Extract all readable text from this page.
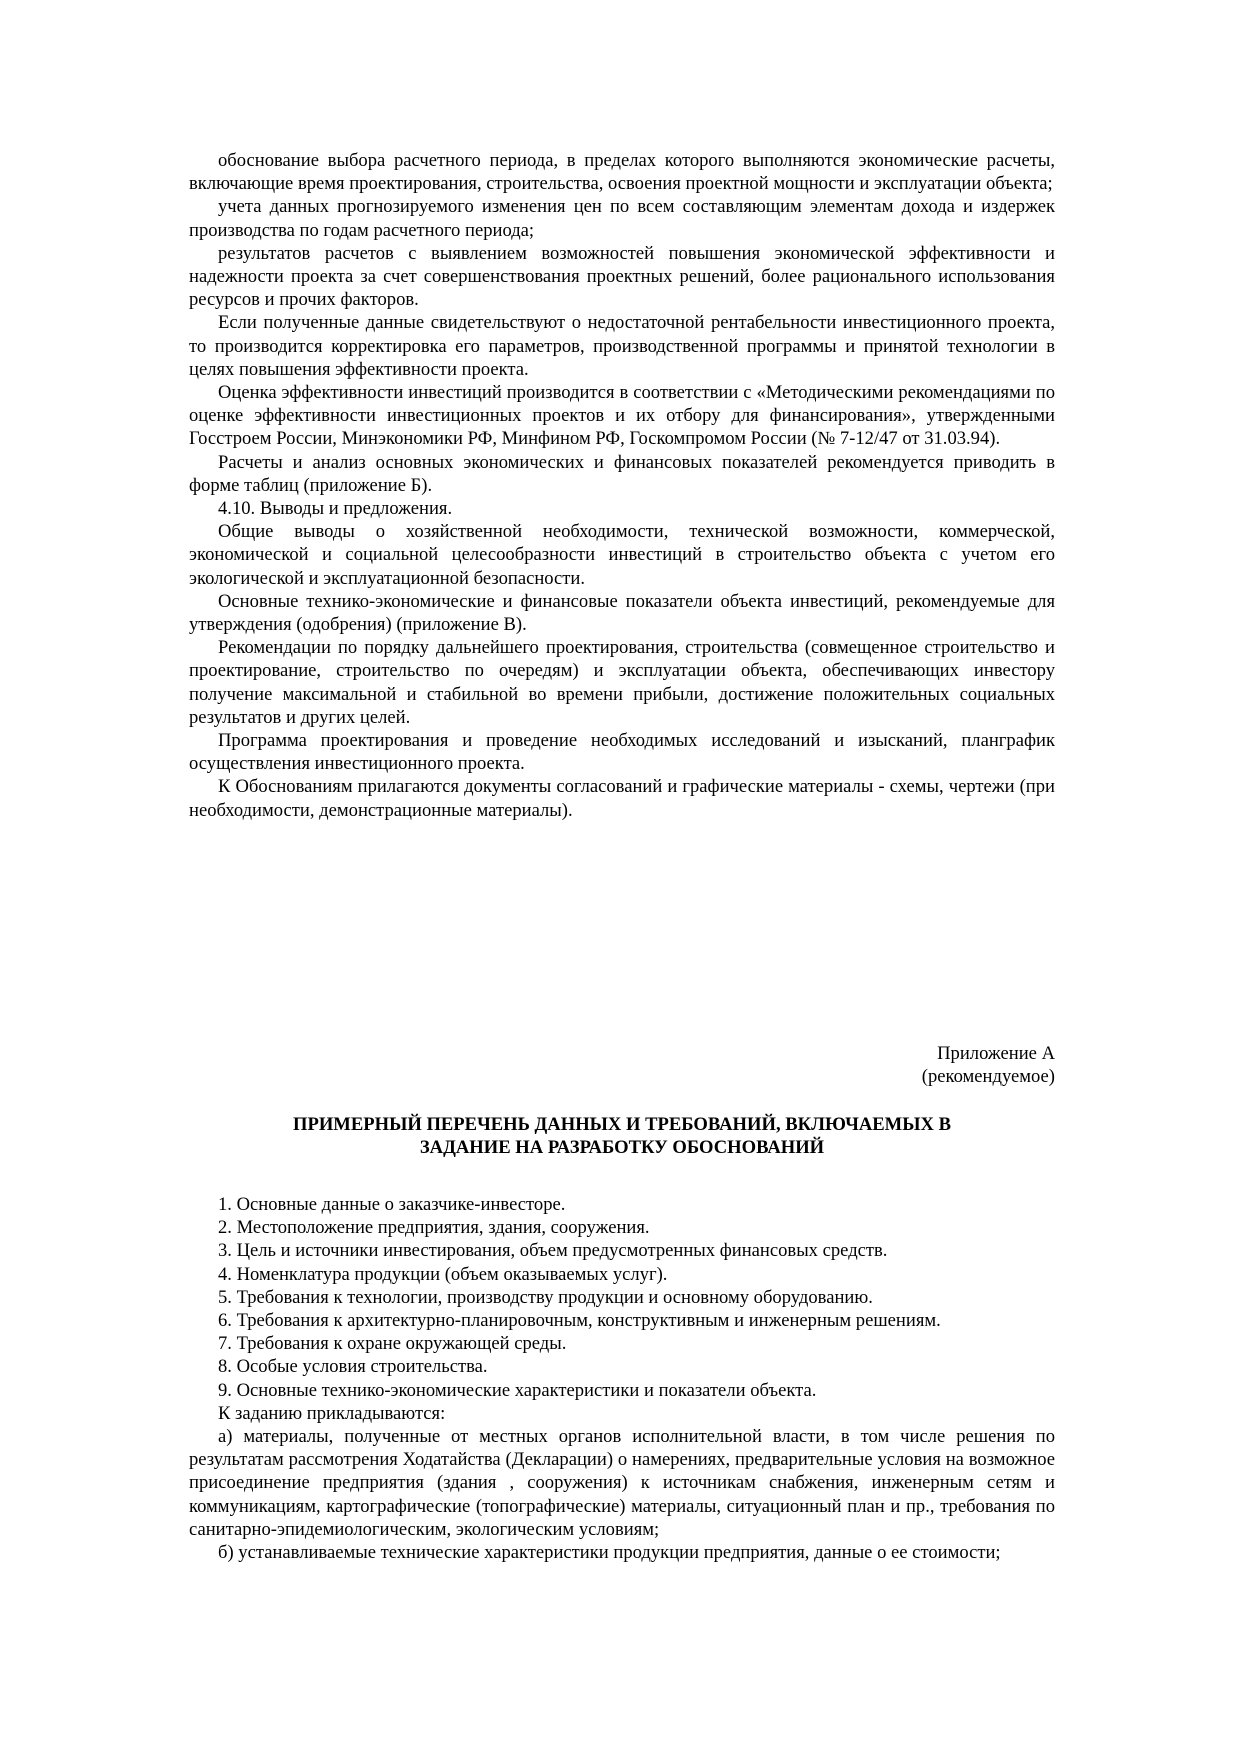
обоснование выбора расчетного периода, в пределах которого выполняются экономические расчеты, включающие время проектирования, строительства, освоения проектной мощности и эксплуатации объекта;

учета данных прогнозируемого изменения цен по всем составляющим элементам дохода и издержек производства по годам расчетного периода;

результатов расчетов с выявлением возможностей повышения экономической эффективности и надежности проекта за счет совершенствования проектных решений, более рационального использования ресурсов и прочих факторов.

Если полученные данные свидетельствуют о недостаточной рентабельности инвестиционного проекта, то производится корректировка его параметров, производственной программы и принятой технологии в целях повышения эффективности проекта.

Оценка эффективности инвестиций производится в соответствии с «Методическими рекомендациями по оценке эффективности инвестиционных проектов и их отбору для финансирования», утвержденными Госстроем России, Минэкономики РФ, Минфином РФ, Госкомпромом России (№ 7-12/47 от 31.03.94).

Расчеты и анализ основных экономических и финансовых показателей рекомендуется приводить в форме таблиц (приложение Б).

4.10. Выводы и предложения.

Общие выводы о хозяйственной необходимости, технической возможности, коммерческой, экономической и социальной целесообразности инвестиций в строительство объекта с учетом его экологической и эксплуатационной безопасности.

Основные технико-экономические и финансовые показатели объекта инвестиций, рекомендуемые для утверждения (одобрения) (приложение В).

Рекомендации по порядку дальнейшего проектирования, строительства (совмещенное строительство и проектирование, строительство по очередям) и эксплуатации объекта, обеспечивающих инвестору получение максимальной и стабильной во времени прибыли, достижение положительных социальных результатов и других целей.

Программа проектирования и проведение необходимых исследований и изысканий, планграфик осуществления инвестиционного проекта.

К Обоснованиям прилагаются документы согласований и графические материалы - схемы, чертежи (при необходимости, демонстрационные материалы).

Приложение А
(рекомендуемое)
ПРИМЕРНЫЙ ПЕРЕЧЕНЬ ДАННЫХ И ТРЕБОВАНИЙ, ВКЛЮЧАЕМЫХ В
ЗАДАНИЕ НА РАЗРАБОТКУ ОБОСНОВАНИЙ

1. Основные данные о заказчике-инвесторе.

2. Местоположение предприятия, здания, сооружения.

3. Цель и источники инвестирования, объем предусмотренных финансовых средств.

4. Номенклатура продукции (объем оказываемых услуг).

5. Требования к технологии, производству продукции и основному оборудованию.

6. Требования к архитектурно-планировочным, конструктивным и инженерным решениям.

7. Требования к охране окружающей среды.

8. Особые условия строительства.

9. Основные технико-экономические характеристики и показатели объекта.

К заданию прикладываются:

а) материалы, полученные от местных органов исполнительной власти, в том числе решения по результатам рассмотрения Ходатайства (Декларации) о намерениях, предварительные условия на возможное присоединение предприятия (здания , сооружения) к источникам снабжения, инженерным сетям и коммуникациям, картографические (топографические) материалы, ситуационный план и пр., требования по санитарно-эпидемиологическим, экологическим условиям;

б) устанавливаемые технические характеристики продукции предприятия, данные о ее стоимости;
